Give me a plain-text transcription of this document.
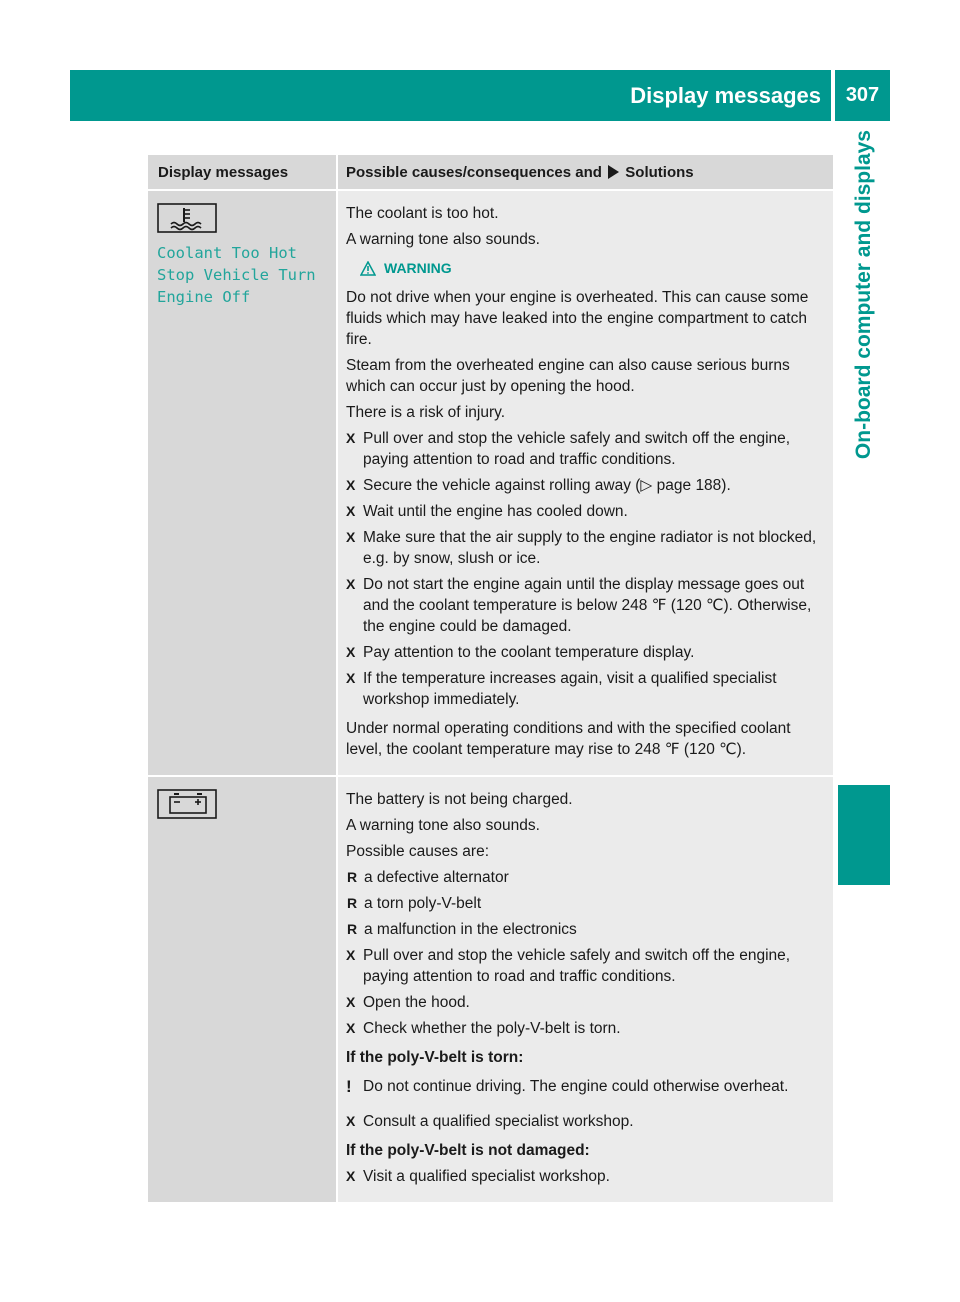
Display messages	307
On-board computer and displays
Display messages	Possible causes/consequences and Solutions
Coolant Too Hot
Stop Vehicle Turn
Engine Off

The coolant is too hot.

A warning tone also sounds.

WARNING

Do not drive when your engine is overheated. This can cause some fluids which may have leaked into the engine compartment to catch fire.

Steam from the overheated engine can also cause serious burns which can occur just by opening the hood.

There is a risk of injury.

X Pull over and stop the vehicle safely and switch off the engine, paying attention to road and traffic conditions.
X Secure the vehicle against rolling away (▷ page 188).
X Wait until the engine has cooled down.
X Make sure that the air supply to the engine radiator is not blocked, e.g. by snow, slush or ice.
X Do not start the engine again until the display message goes out and the coolant temperature is below 248 ℉ (120 ℃). Otherwise, the engine could be damaged.
X Pay attention to the coolant temperature display.
X If the temperature increases again, visit a qualified specialist workshop immediately.

Under normal operating conditions and with the specified coolant level, the coolant temperature may rise to 248 ℉ (120 ℃).

The battery is not being charged.

A warning tone also sounds.

Possible causes are:

R a defective alternator
R a torn poly-V-belt
R a malfunction in the electronics
X Pull over and stop the vehicle safely and switch off the engine, paying attention to road and traffic conditions.
X Open the hood.
X Check whether the poly-V-belt is torn.

If the poly-V-belt is torn:

! Do not continue driving. The engine could otherwise overheat.
X Consult a qualified specialist workshop.

If the poly-V-belt is not damaged:

X Visit a qualified specialist workshop.
